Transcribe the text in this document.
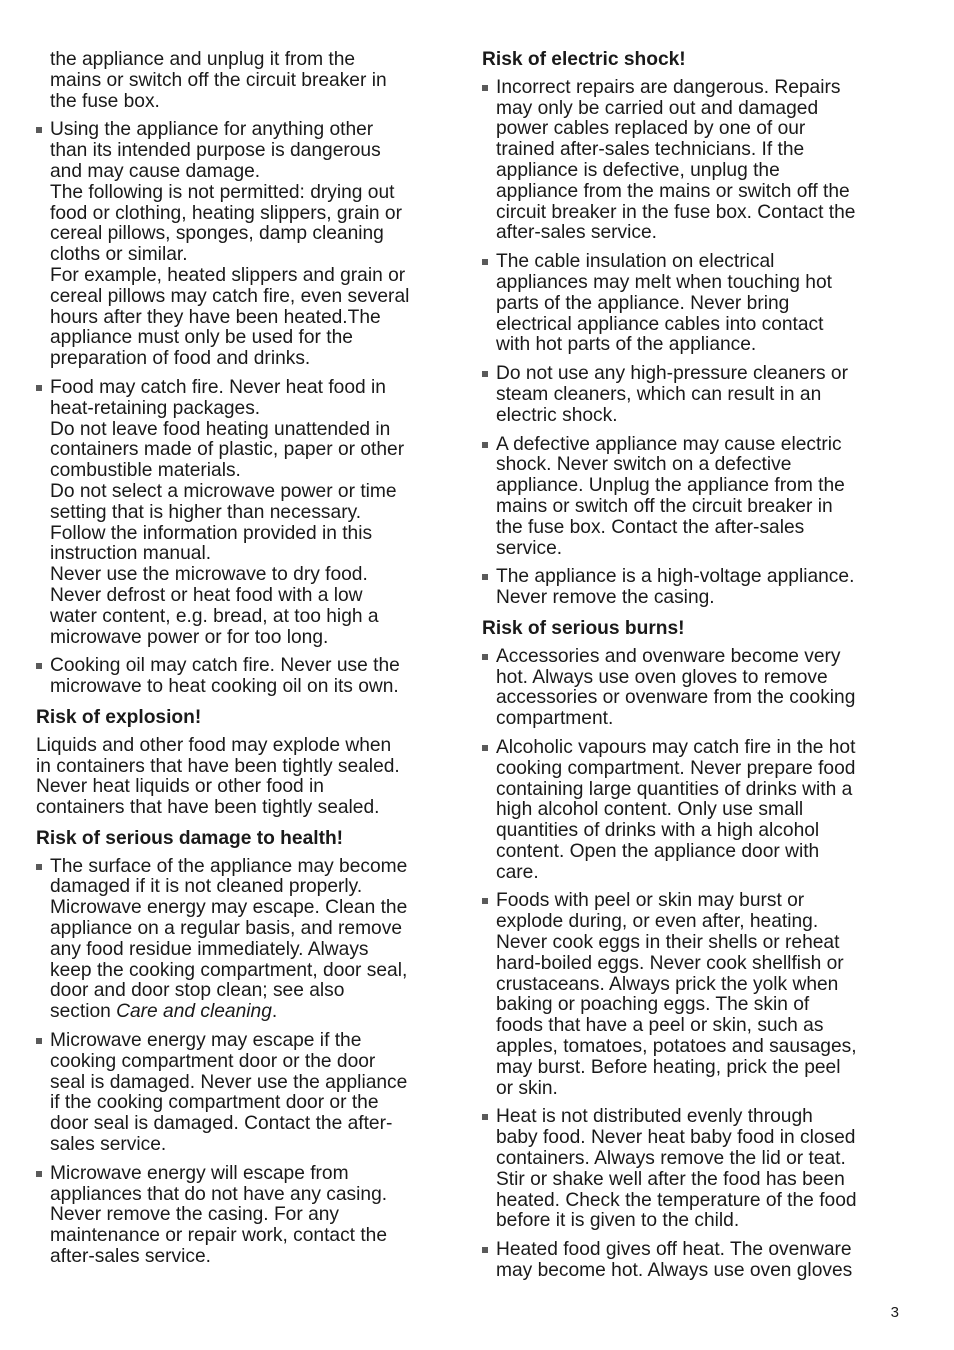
the appliance and unplug it from the
mains or switch off the circuit breaker in
the fuse box.
Using the appliance for anything other
than its intended purpose is dangerous
and may cause damage.
The following is not permitted: drying out
food or clothing, heating slippers, grain or
cereal pillows, sponges, damp cleaning
cloths or similar.
For example, heated slippers and grain or
cereal pillows may catch fire, even several
hours after they have been heated.The
appliance must only be used for the
preparation of food and drinks.
Food may catch fire. Never heat food in
heat-retaining packages.
Do not leave food heating unattended in
containers made of plastic, paper or other
combustible materials.
Do not select a microwave power or time
setting that is higher than necessary.
Follow the information provided in this
instruction manual.
Never use the microwave to dry food.
Never defrost or heat food with a low
water content, e.g. bread, at too high a
microwave power or for too long.
Cooking oil may catch fire. Never use the
microwave to heat cooking oil on its own.
Risk of explosion!
Liquids and other food may explode when
in containers that have been tightly sealed.
Never heat liquids or other food in
containers that have been tightly sealed.
Risk of serious damage to health!
The surface of the appliance may become
damaged if it is not cleaned properly.
Microwave energy may escape. Clean the
appliance on a regular basis, and remove
any food residue immediately. Always
keep the cooking compartment, door seal,
door and door stop clean; see also
section Care and cleaning.
Microwave energy may escape if the
cooking compartment door or the door
seal is damaged. Never use the appliance
if the cooking compartment door or the
door seal is damaged. Contact the after-
sales service.
Microwave energy will escape from
appliances that do not have any casing.
Never remove the casing. For any
maintenance or repair work, contact the
after-sales service.
Risk of electric shock!
Incorrect repairs are dangerous. Repairs
may only be carried out and damaged
power cables replaced by one of our
trained after-sales technicians. If the
appliance is defective, unplug the
appliance from the mains or switch off the
circuit breaker in the fuse box. Contact the
after-sales service.
The cable insulation on electrical
appliances may melt when touching hot
parts of the appliance. Never bring
electrical appliance cables into contact
with hot parts of the appliance.
Do not use any high-pressure cleaners or
steam cleaners, which can result in an
electric shock.
A defective appliance may cause electric
shock. Never switch on a defective
appliance. Unplug the appliance from the
mains or switch off the circuit breaker in
the fuse box. Contact the after-sales
service.
The appliance is a high-voltage appliance.
Never remove the casing.
Risk of serious burns!
Accessories and ovenware become very
hot. Always use oven gloves to remove
accessories or ovenware from the cooking
compartment.
Alcoholic vapours may catch fire in the hot
cooking compartment. Never prepare food
containing large quantities of drinks with a
high alcohol content. Only use small
quantities of drinks with a high alcohol
content. Open the appliance door with
care.
Foods with peel or skin may burst or
explode during, or even after, heating.
Never cook eggs in their shells or reheat
hard-boiled eggs. Never cook shellfish or
crustaceans. Always prick the yolk when
baking or poaching eggs. The skin of
foods that have a peel or skin, such as
apples, tomatoes, potatoes and sausages,
may burst. Before heating, prick the peel
or skin.
Heat is not distributed evenly through
baby food. Never heat baby food in closed
containers. Always remove the lid or teat.
Stir or shake well after the food has been
heated. Check the temperature of the food
before it is given to the child.
Heated food gives off heat. The ovenware
may become hot. Always use oven gloves
3
